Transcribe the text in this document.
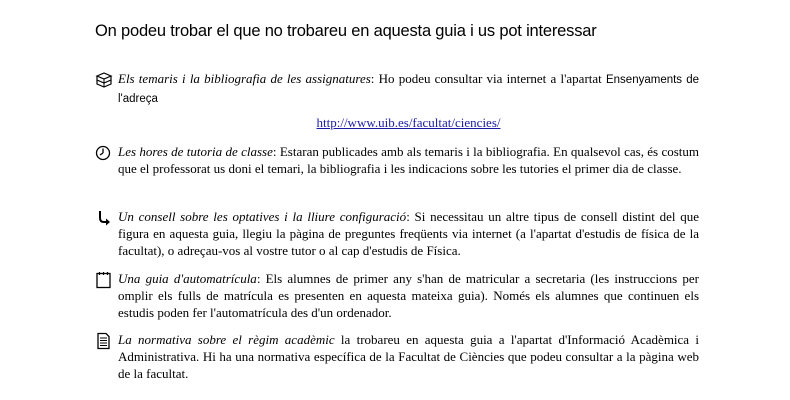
On podeu trobar el que no trobareu en aquesta guia i us pot interessar
Els temaris i la bibliografia de les assignatures: Ho podeu consultar via internet a l'apartat Ensenyaments de l'adreça
http://www.uib.es/facultat/ciencies/
Les hores de tutoria de classe: Estaran publicades amb als temaris i la bibliografia. En qualsevol cas, és costum que el professorat us doni el temari, la bibliografia i les indicacions sobre les tutories el primer dia de classe.
Un consell sobre les optatives i la lliure configuració: Si necessitau un altre tipus de consell distint del que figura en aquesta guia, llegiu la pàgina de preguntes freqüents via internet (a l'apartat d'estudis de física de la facultat), o adreçau-vos al vostre tutor o al cap d'estudis de Física.
Una guia d'automatrícula: Els alumnes de primer any s'han de matricular a secretaria (les instruccions per omplir els fulls de matrícula es presenten en aquesta mateixa guia). Només els alumnes que continuen els estudis poden fer l'automatrícula des d'un ordenador.
La normativa sobre el règim acadèmic la trobareu en aquesta guia a l'apartat d'Informació Acadèmica i Administrativa. Hi ha una normativa específica de la Facultat de Ciències que podeu consultar a la pàgina web de la facultat.
